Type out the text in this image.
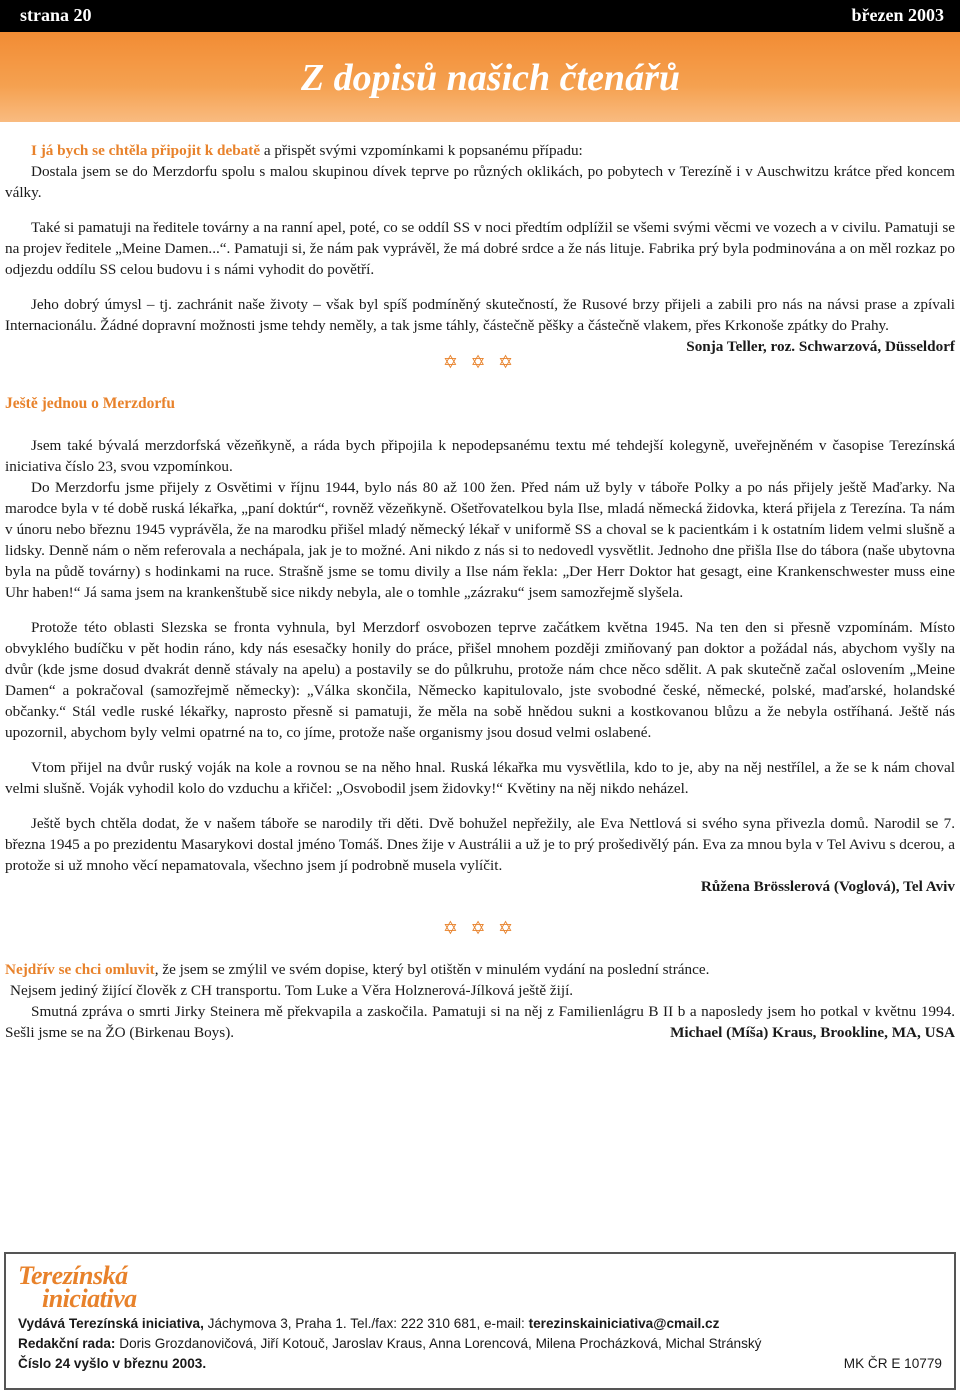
strana 20	březen 2003
Z dopisů našich čtenářů

I já bych se chtěla připojit k debatě a přispět svými vzpomínkami k popsanému případu:

Dostala jsem se do Merzdorfu spolu s malou skupinou dívek teprve po různých oklikách, po pobytech v Terezíně i v Auschwitzu krátce před koncem války.

Také si pamatuji na ředitele továrny a na ranní apel, poté, co se oddíl SS v noci předtím odplížil se všemi svými věcmi ve vozech a v civilu. Pamatuji se na projev ředitele „Meine Damen...“. Pamatuji si, že nám pak vyprávěl, že má dobré srdce a že nás lituje. Fabrika prý byla podminována a on měl rozkaz po odjezdu oddílu SS celou budovu i s námi vyhodit do povětří.

Jeho dobrý úmysl – tj. zachránit naše životy – však byl spíš podmíněný skutečností, že Rusové brzy přijeli a zabili pro nás na návsi prase a zpívali Internacionálu. Žádné dopravní možnosti jsme tehdy neměly, a tak jsme táhly, částečně pěšky a částečně vlakem, přes Krkonoše zpátky do Prahy.

Sonja Teller, roz. Schwarzová, Düsseldorf

✡ ✡ ✡

Ještě jednou o Merzdorfu

Jsem také bývalá merzdorfská vězeňkyně, a ráda bych připojila k nepodepsanému textu mé tehdejší kolegyně, uveřejněném v časopise Terezínská iniciativa číslo 23, svou vzpomínkou.

Do Merzdorfu jsme přijely z Osvětimi v říjnu 1944, bylo nás 80 až 100 žen. Před nám už byly v táboře Polky a po nás přijely ještě Maďarky. Na marodce byla v té době ruská lékařka, „paní doktúr“, rovněž vězeňkyně. Ošetřovatelkou byla Ilse, mladá německá židovka, která přijela z Terezína. Ta nám v únoru nebo březnu 1945 vyprávěla, že na marodku přišel mladý německý lékař v uniformě SS a choval se k pacientkám i k ostatním lidem velmi slušně a lidsky. Denně nám o něm referovala a nechápala, jak je to možné. Ani nikdo z nás si to nedovedl vysvětlit. Jednoho dne přišla Ilse do tábora (naše ubytovna byla na půdě továrny) s hodinkami na ruce. Strašně jsme se tomu divily a Ilse nám řekla: „Der Herr Doktor hat gesagt, eine Krankenschwester muss eine Uhr haben!“ Já sama jsem na krankenštubě sice nikdy nebyla, ale o tomhle „zázraku“ jsem samozřejmě slyšela.

Protože této oblasti Slezska se fronta vyhnula, byl Merzdorf osvobozen teprve začátkem května 1945. Na ten den si přesně vzpomínám. Místo obvyklého budíčku v pět hodin ráno, kdy nás esesačky honily do práce, přišel mnohem později zmiňovaný pan doktor a požádal nás, abychom vyšly na dvůr (kde jsme dosud dvakrát denně stávaly na apelu) a postavily se do půlkruhu, protože nám chce něco sdělit. A pak skutečně začal oslovením „Meine Damen“ a pokračoval (samozřejmě německy): „Válka skončila, Německo kapitulovalo, jste svobodné české, německé, polské, maďarské, holandské občanky.“ Stál vedle ruské lékařky, naprosto přesně si pamatuji, že měla na sobě hnědou sukni a kostkovanou blůzu a že nebyla ostříhaná. Ještě nás upozornil, abychom byly velmi opatrné na to, co jíme, protože naše organismy jsou dosud velmi oslabené.

Vtom přijel na dvůr ruský voják na kole a rovnou se na něho hnal. Ruská lékařka mu vysvětlila, kdo to je, aby na něj nestřílel, a že se k nám choval velmi slušně. Voják vyhodil kolo do vzduchu a křičel: „Osvobodil jsem židovky!“ Květiny na něj nikdo neházel.

Ještě bych chtěla dodat, že v našem táboře se narodily tři děti. Dvě bohužel nepřežily, ale Eva Nettlová si svého syna přivezla domů. Narodil se 7. března 1945 a po prezidentu Masarykovi dostal jméno Tomáš. Dnes žije v Austrálii a už je to prý prošedivělý pán. Eva za mnou byla v Tel Avivu s dcerou, a protože si už mnoho věcí nepamatovala, všechno jsem jí podrobně musela vylíčit.

Růžena Brösslerová (Voglová), Tel Aviv

✡ ✡ ✡

Nejdřív se chci omluvit, že jsem se zmýlil ve svém dopise, který byl otištěn v minulém vydání na poslední stránce.

Nejsem jediný žijící člověk z CH transportu. Tom Luke a Věra Holznerová-Jílková ještě žijí.

Smutná zpráva o smrti Jirky Steinera mě překvapila a zaskočila. Pamatuji si na něj z Familienlágru B II b a naposledy jsem ho potkal v květnu 1994. Sešli jsme se na ŽO (Birkenau Boys).	Michael (Míša) Kraus, Brookline, MA, USA

Terezínská
iniciativa
Vydává Terezínská iniciativa, Jáchymova 3, Praha 1. Tel./fax: 222 310 681, e-mail: terezinskainiciativa@cmail.cz
Redakční rada: Doris Grozdanovičová, Jiří Kotouč, Jaroslav Kraus, Anna Lorencová, Milena Procházková, Michal Stránský
Číslo 24 vyšlo v březnu 2003.	MK ČR E 10779
